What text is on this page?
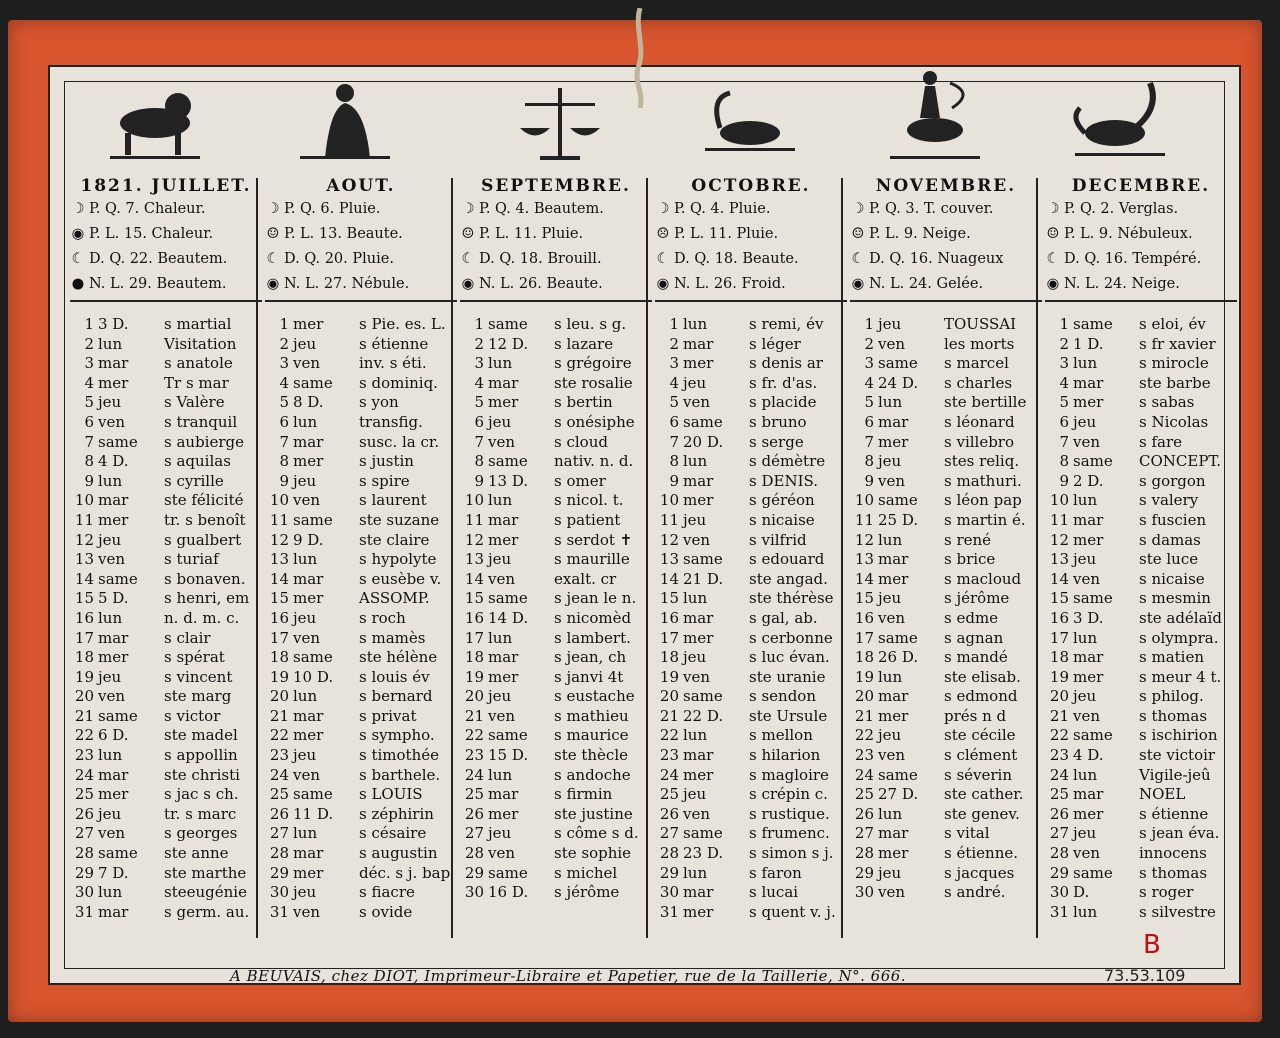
1821. JUILLET.
☽ P. Q. 7. Chaleur.
◉ P. L. 15. Chaleur.
☾ D. Q. 22. Beautem.
● N. L. 29. Beautem.
1 3 D. s martial
2 lun	Visitation
3 mar s anatole
4 mer Tr s mar
5 jeu	s Valère
6 ven	s tranquil
7 same s aubierge
8 4 D. s aquilas
9 lun	s cyrille
10 mar ste félicité
11 mer tr. s benoît
12 jeu	s gualbert
13 ven	s turiaf
14 same s bonaven.
15 5 D. s henri, em
16 lun	n. d. m. c.
17 mar s clair
18 mer s spérat
19 jeu	s vincent
20 ven	ste marg
21 same s victor
22 6 D. ste madel
23 lun	s appollin
24 mar ste christi
25 mer s jac s ch.
26 jeu	tr. s marc
27 ven	s georges
28 same ste anne
29 7 D. ste marthe
30 lun	steeugénie
31 mar s germ. au.
AOUT.
☽ P. Q. 6. Pluie.
☺ P. L. 13. Beaute.
☾ D. Q. 20. Pluie.
◉ N. L. 27. Nébule.
1 mer s Pie. es. L.
2 jeu	s étienne
3 ven	inv. s éti.
4 same s dominiq.
5 8 D. s yon
6 lun	transfig.
7 mar susc. la cr.
8 mer s justin
9 jeu	s spire
10 ven	s laurent
11 same ste suzane
12 9 D. ste claire
13 lun	s hypolyte
14 mar s eusèbe v.
15 mer ASSOMP.
16 jeu	s roch
17 ven	s mamès
18 same ste hélène
19 10 D. s louis év
20 lun	s bernard
21 mar s privat
22 mer s sympho.
23 jeu	s timothée
24 ven	s barthele.
25 same s LOUIS
26 11 D. s zéphirin
27 lun	s césaire
28 mar s augustin
29 mer déc. s j. bap
30 jeu	s fiacre
31 ven	s ovide
SEPTEMBRE.
☽ P. Q. 4. Beautem.
☺ P. L. 11. Pluie.
☾ D. Q. 18. Brouill.
◉ N. L. 26. Beaute.
1 same s leu. s g.
2 12 D. s lazare
3 lun	s grégoire
4 mar ste rosalie
5 mer s bertin
6 jeu	s onésiphe
7 ven	s cloud
8 same nativ. n. d.
9 13 D. s omer
10 lun	s nicol. t.
11 mar s patient
12 mer s serdot ✝
13 jeu	s maurille
14 ven	exalt. cr
15 same s jean le n.
16 14 D. s nicomèd
17 lun	s lambert.
18 mar s jean, ch
19 mer s janvi 4t
20 jeu	s eustache
21 ven	s mathieu
22 same s maurice
23 15 D. ste thècle
24 lun	s andoche
25 mar s firmin
26 mer ste justine
27 jeu	s côme s d.
28 ven	ste sophie
29 same s michel
30 16 D. s jérôme
OCTOBRE.
☽ P. Q. 4. Pluie.
☹ P. L. 11. Pluie.
☾ D. Q. 18. Beaute.
◉ N. L. 26. Froid.
1 lun	s remi, év
2 mar s léger
3 mer s denis ar
4 jeu	s fr. d'as.
5 ven	s placide
6 same s bruno
7 20 D. s serge
8 lun	s démètre
9 mar s DENIS.
10 mer s géréon
11 jeu	s nicaise
12 ven	s vilfrid
13 same s edouard
14 21 D. ste angad.
15 lun	ste thérèse
16 mar s gal, ab.
17 mer s cerbonne
18 jeu	s luc évan.
19 ven	ste uranie
20 same s sendon
21 22 D. ste Ursule
22 lun	s mellon
23 mar s hilarion
24 mer s magloire
25 jeu	s crépin c.
26 ven	s rustique.
27 same s frumenc.
28 23 D. s simon s j.
29 lun	s faron
30 mar s lucai
31 mer s quent v. j.
NOVEMBRE.
☽ P. Q. 3. T. couver.
☺ P. L. 9. Neige.
☾ D. Q. 16. Nuageux
◉ N. L. 24. Gelée.
1 jeu	TOUSSAI
2 ven	les morts
3 same s marcel
4 24 D. s charles
5 lun	ste bertille
6 mar s léonard
7 mer s villebro
8 jeu	stes reliq.
9 ven	s mathuri.
10 same s léon pap
11 25 D. s martin é.
12 lun	s rené
13 mar s brice
14 mer s macloud
15 jeu	s jérôme
16 ven	s edme
17 same s agnan
18 26 D. s mandé
19 lun	ste elisab.
20 mar s edmond
21 mer prés n d
22 jeu	ste cécile
23 ven	s clément
24 same s séverin
25 27 D. ste cather.
26 lun	ste genev.
27 mar s vital
28 mer s étienne.
29 jeu	s jacques
30 ven	s andré.
DECEMBRE.
☽ P. Q. 2. Verglas.
☺ P. L. 9. Nébuleux.
☾ D. Q. 16. Tempéré.
◉ N. L. 24. Neige.
1 same s eloi, év
2 1 D. s fr xavier
3 lun	s mirocle
4 mar ste barbe
5 mer s sabas
6 jeu	s Nicolas
7 ven	s fare
8 same CONCEPT.
9 2 D. s gorgon
10 lun	s valery
11 mar s fuscien
12 mer s damas
13 jeu	ste luce
14 ven	s nicaise
15 same s mesmin
16 3 D. ste adélaïd
17 lun	s olympra.
18 mar s matien
19 mer s meur 4 t.
20 jeu	s philog.
21 ven	s thomas
22 same s ischirion
23 4 D. ste victoir
24 lun	Vigile-jeû
25 mar NOEL
26 mer s étienne
27 jeu	s jean éva.
28 ven	innocens
29 same s thomas
30 D.	s roger
31 lun	s silvestre
A BEUVAIS, chez DIOT, Imprimeur-Libraire et Papetier, rue de la Taillerie, N°. 666.	73.53.109
B
